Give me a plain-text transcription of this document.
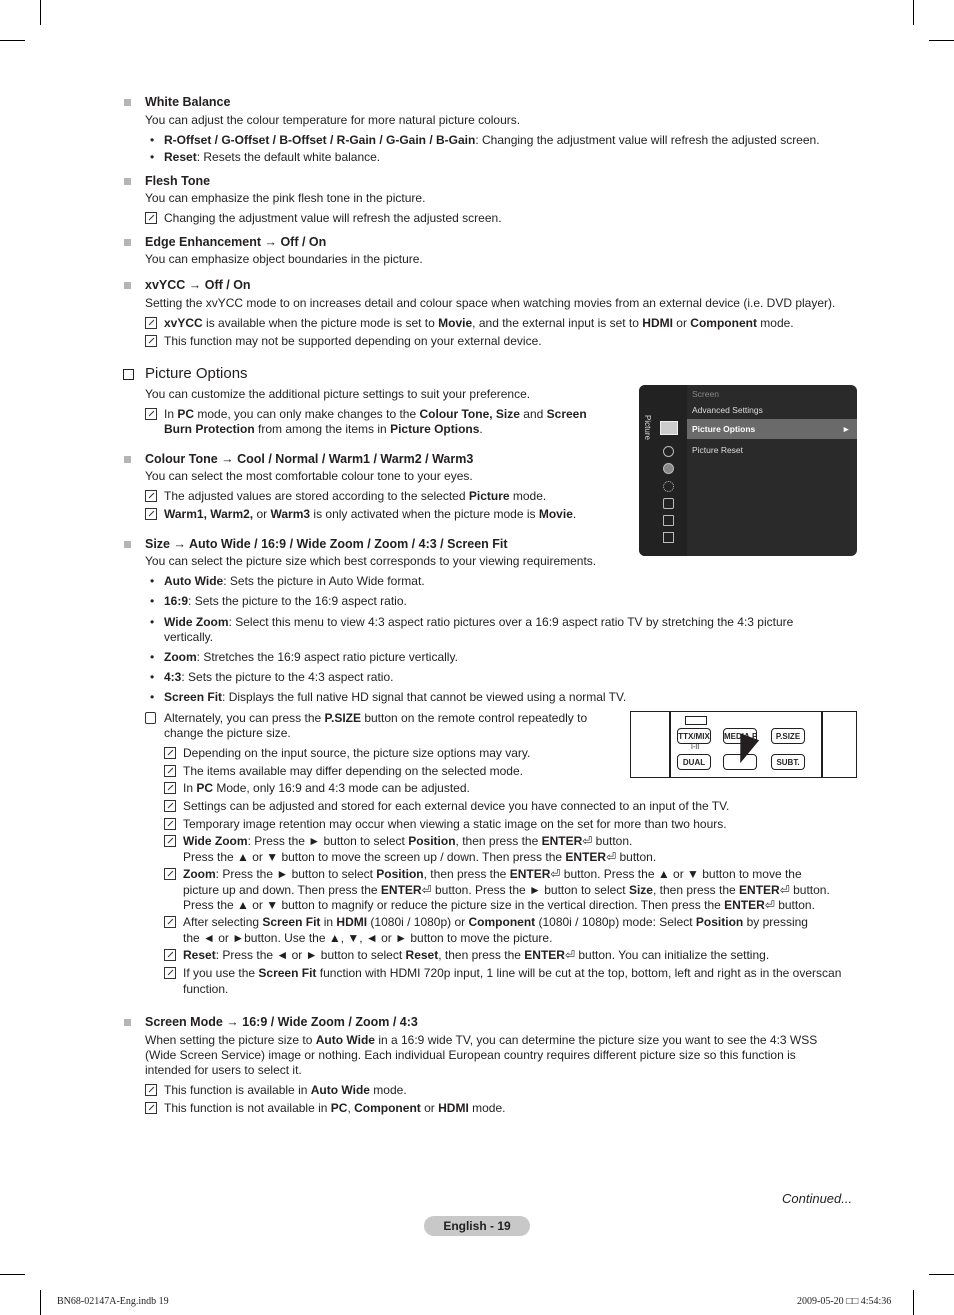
White Balance
You can adjust the colour temperature for more natural picture colours.
• R-Offset / G-Offset / B-Offset / R-Gain / G-Gain / B-Gain: Changing the adjustment value will refresh the adjusted screen.
• Reset: Resets the default white balance.
Flesh Tone
You can emphasize the pink flesh tone in the picture.
Changing the adjustment value will refresh the adjusted screen.
Edge Enhancement → Off / On
You can emphasize object boundaries in the picture.
xvYCC → Off / On
Setting the xvYCC mode to on increases detail and colour space when watching movies from an external device (i.e. DVD player).
xvYCC is available when the picture mode is set to Movie, and the external input is set to HDMI or Component mode.
This function may not be supported depending on your external device.
Picture Options
You can customize the additional picture settings to suit your preference.
In PC mode, you can only make changes to the Colour Tone, Size and Screen
Burn Protection from among the items in Picture Options.	Picture
Screen
Advanced Settings
Picture Options	►
Picture Reset
Colour Tone → Cool / Normal / Warm1 / Warm2 / Warm3
You can select the most comfortable colour tone to your eyes.
The adjusted values are stored according to the selected Picture mode.
Warm1, Warm2, or Warm3 is only activated when the picture mode is Movie.
Size → Auto Wide / 16:9 / Wide Zoom / Zoom / 4:3 / Screen Fit
You can select the picture size which best corresponds to your viewing requirements.
• Auto Wide: Sets the picture in Auto Wide format.
• 16:9: Sets the picture to the 16:9 aspect ratio.
• Wide Zoom: Select this menu to view 4:3 aspect ratio pictures over a 16:9 aspect ratio TV by stretching the 4:3 picture
vertically.
• Zoom: Stretches the 16:9 aspect ratio picture vertically.
• 4:3: Sets the picture to the 4:3 aspect ratio.
• Screen Fit: Displays the full native HD signal that cannot be viewed using a normal TV.
Alternately, you can press the P.SIZE button on the remote control repeatedly to
change the picture size.	TTX/MIX MEDIA.P	P.SIZE
I-II
DUAL	SUBT.
Depending on the input source, the picture size options may vary.
The items available may differ depending on the selected mode.
In PC Mode, only 16:9 and 4:3 mode can be adjusted.
Settings can be adjusted and stored for each external device you have connected to an input of the TV.
Temporary image retention may occur when viewing a static image on the set for more than two hours.
Wide Zoom: Press the ► button to select Position, then press the ENTER⏎ button.
Press the ▲ or ▼ button to move the screen up / down. Then press the ENTER⏎ button.
Zoom: Press the ► button to select Position, then press the ENTER⏎ button. Press the ▲ or ▼ button to move the
picture up and down. Then press the ENTER⏎ button. Press the ► button to select Size, then press the ENTER⏎ button.
Press the ▲ or ▼ button to magnify or reduce the picture size in the vertical direction. Then press the ENTER⏎ button.
After selecting Screen Fit in HDMI (1080i / 1080p) or Component (1080i / 1080p) mode: Select Position by pressing
the ◄ or ►button. Use the ▲, ▼, ◄ or ► button to move the picture.
Reset: Press the ◄ or ► button to select Reset, then press the ENTER⏎ button. You can initialize the setting.
If you use the Screen Fit function with HDMI 720p input, 1 line will be cut at the top, bottom, left and right as in the overscan
function.
Screen Mode → 16:9 / Wide Zoom / Zoom / 4:3
When setting the picture size to Auto Wide in a 16:9 wide TV, you can determine the picture size you want to see the 4:3 WSS
(Wide Screen Service) image or nothing. Each individual European country requires different picture size so this function is
intended for users to select it.
This function is available in Auto Wide mode.
This function is not available in PC, Component or HDMI mode.
Continued...
English - 19
BN68-02147A-Eng.indb 19	2009-05-20 □□ 4:54:36
